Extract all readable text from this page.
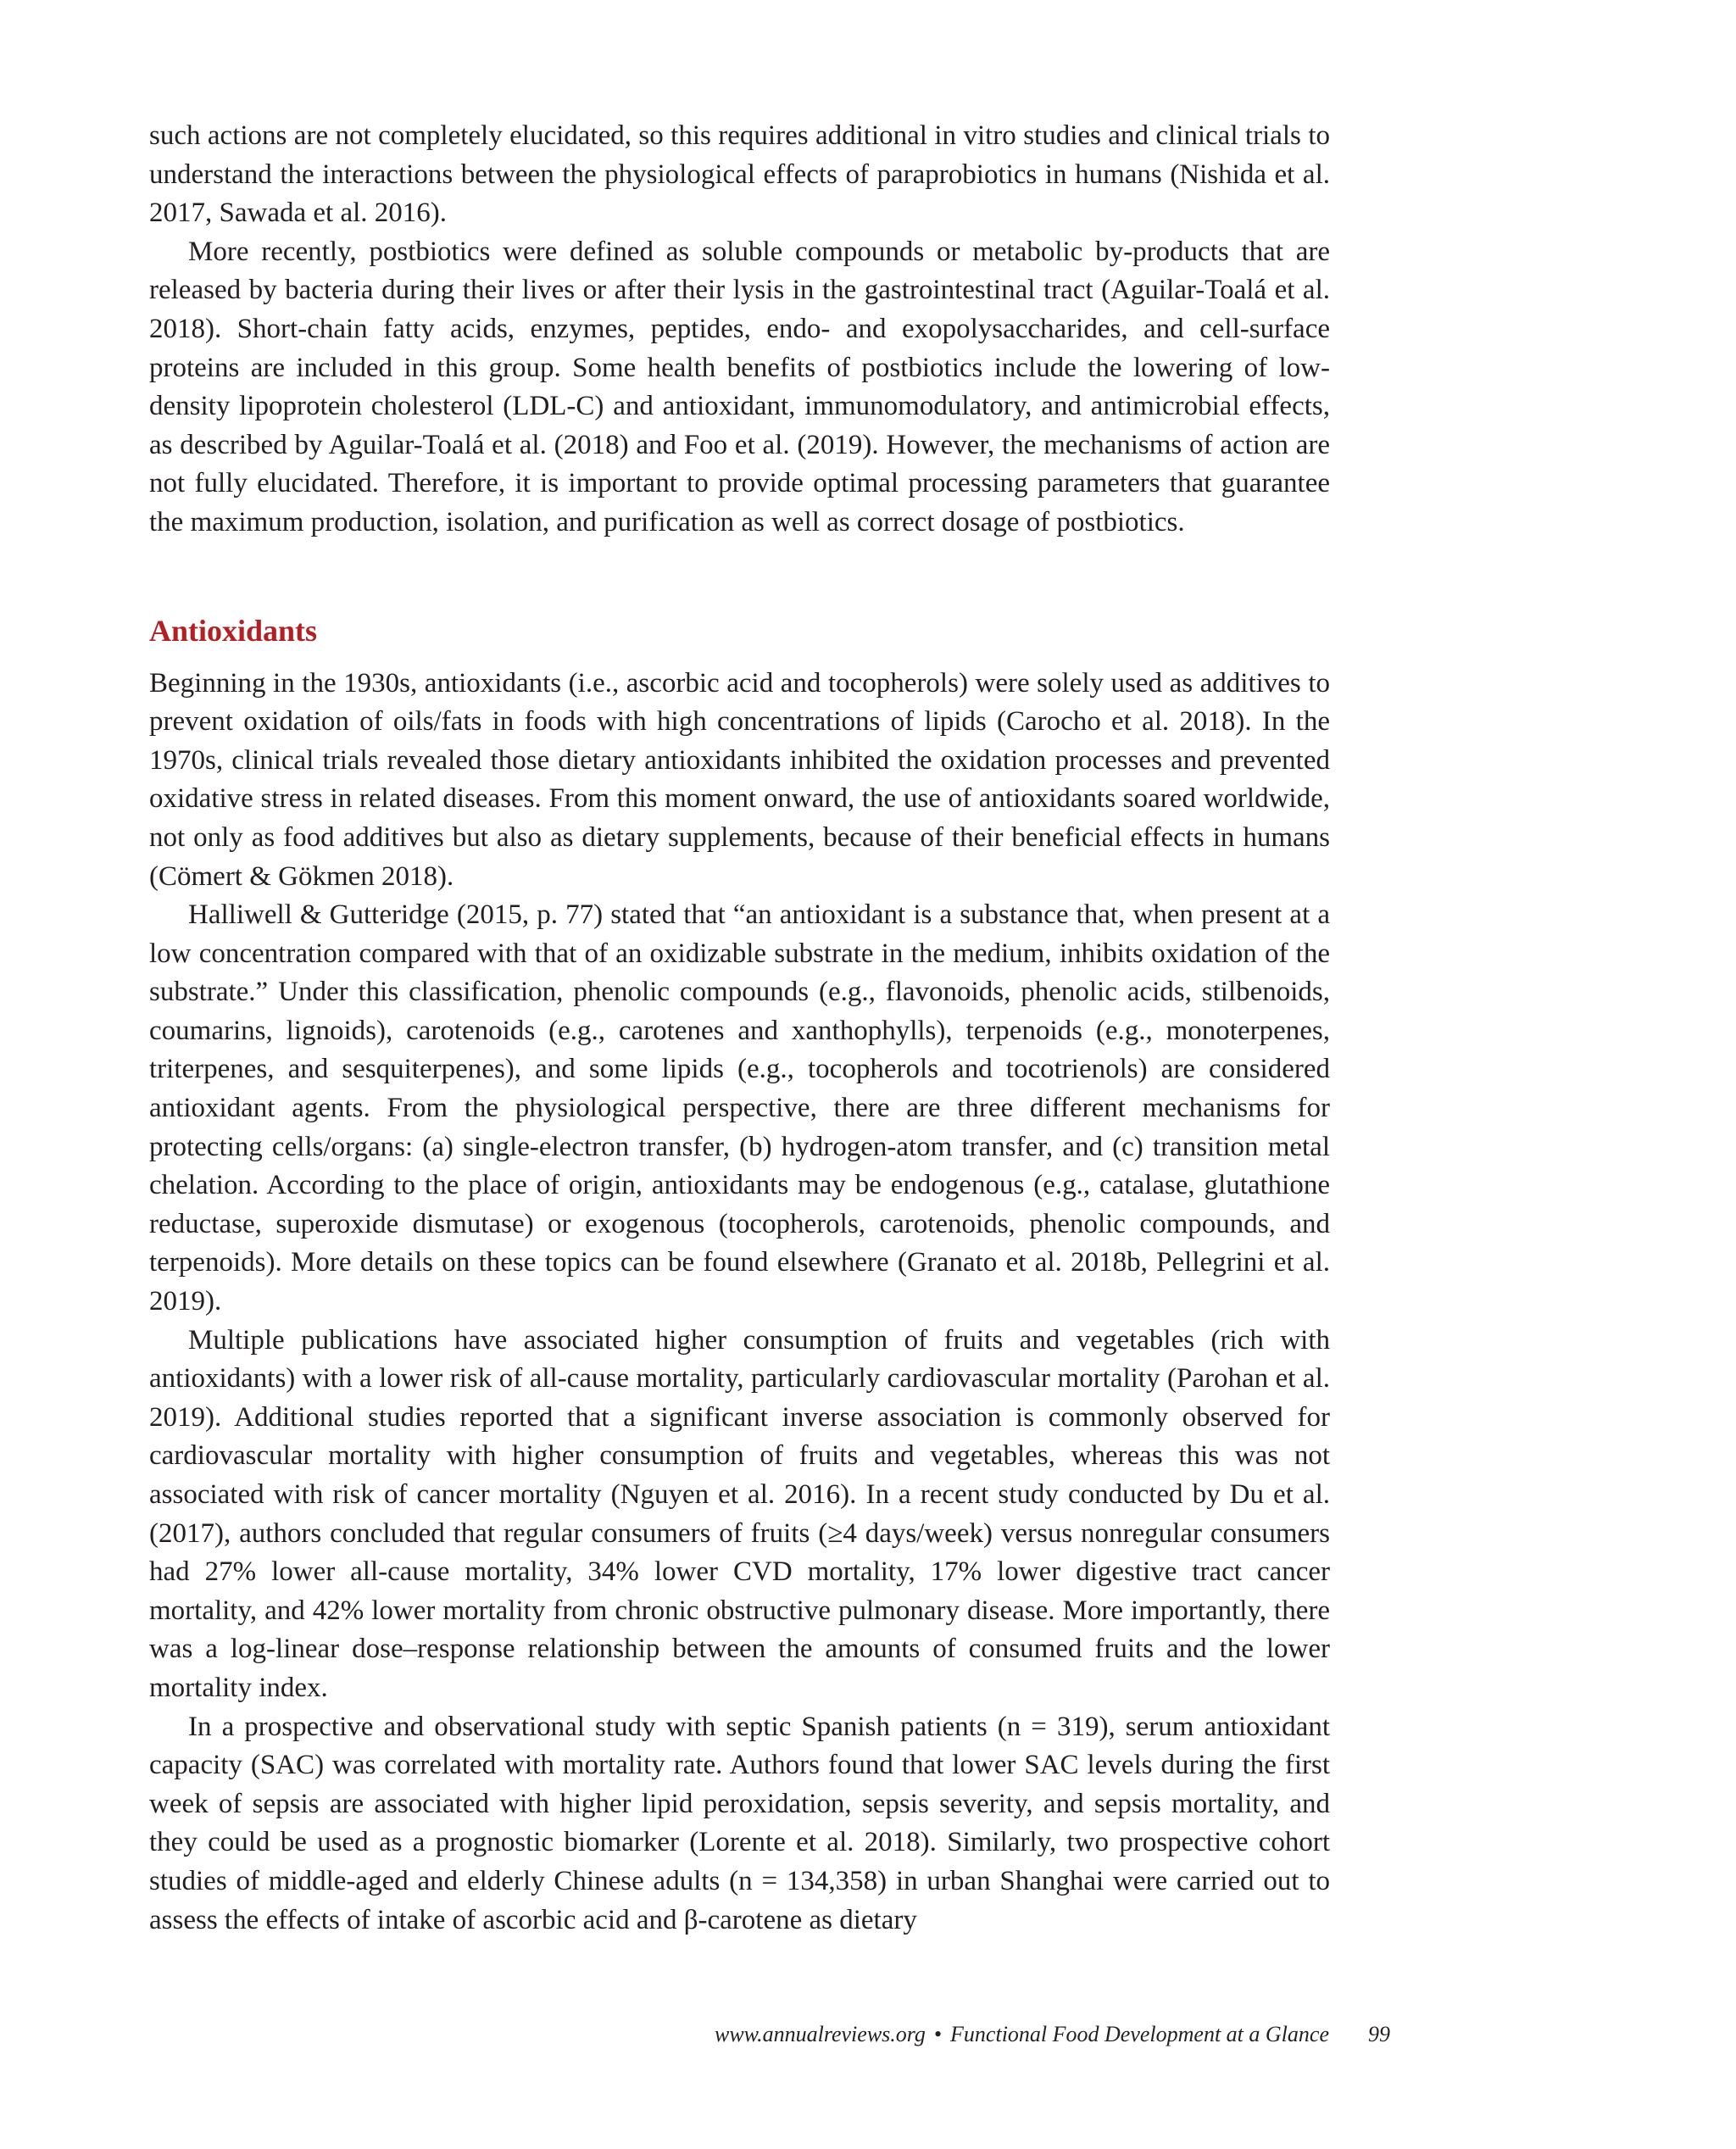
such actions are not completely elucidated, so this requires additional in vitro studies and clinical trials to understand the interactions between the physiological effects of paraprobiotics in humans (Nishida et al. 2017, Sawada et al. 2016).

More recently, postbiotics were defined as soluble compounds or metabolic by-products that are released by bacteria during their lives or after their lysis in the gastrointestinal tract (Aguilar-Toalá et al. 2018). Short-chain fatty acids, enzymes, peptides, endo- and exopolysaccharides, and cell-surface proteins are included in this group. Some health benefits of postbiotics include the lowering of low-density lipoprotein cholesterol (LDL-C) and antioxidant, immunomodulatory, and antimicrobial effects, as described by Aguilar-Toalá et al. (2018) and Foo et al. (2019). However, the mechanisms of action are not fully elucidated. Therefore, it is important to provide optimal processing parameters that guarantee the maximum production, isolation, and purification as well as correct dosage of postbiotics.

Antioxidants

Beginning in the 1930s, antioxidants (i.e., ascorbic acid and tocopherols) were solely used as additives to prevent oxidation of oils/fats in foods with high concentrations of lipids (Carocho et al. 2018). In the 1970s, clinical trials revealed those dietary antioxidants inhibited the oxidation processes and prevented oxidative stress in related diseases. From this moment onward, the use of antioxidants soared worldwide, not only as food additives but also as dietary supplements, because of their beneficial effects in humans (Cömert & Gökmen 2018).

Halliwell & Gutteridge (2015, p. 77) stated that “an antioxidant is a substance that, when present at a low concentration compared with that of an oxidizable substrate in the medium, inhibits oxidation of the substrate.” Under this classification, phenolic compounds (e.g., flavonoids, phenolic acids, stilbenoids, coumarins, lignoids), carotenoids (e.g., carotenes and xanthophylls), terpenoids (e.g., monoterpenes, triterpenes, and sesquiterpenes), and some lipids (e.g., tocopherols and tocotrienols) are considered antioxidant agents. From the physiological perspective, there are three different mechanisms for protecting cells/organs: (a) single-electron transfer, (b) hydrogen-atom transfer, and (c) transition metal chelation. According to the place of origin, antioxidants may be endogenous (e.g., catalase, glutathione reductase, superoxide dismutase) or exogenous (tocopherols, carotenoids, phenolic compounds, and terpenoids). More details on these topics can be found elsewhere (Granato et al. 2018b, Pellegrini et al. 2019).

Multiple publications have associated higher consumption of fruits and vegetables (rich with antioxidants) with a lower risk of all-cause mortality, particularly cardiovascular mortality (Parohan et al. 2019). Additional studies reported that a significant inverse association is commonly observed for cardiovascular mortality with higher consumption of fruits and vegetables, whereas this was not associated with risk of cancer mortality (Nguyen et al. 2016). In a recent study conducted by Du et al. (2017), authors concluded that regular consumers of fruits (≥4 days/week) versus nonregular consumers had 27% lower all-cause mortality, 34% lower CVD mortality, 17% lower digestive tract cancer mortality, and 42% lower mortality from chronic obstructive pulmonary disease. More importantly, there was a log-linear dose–response relationship between the amounts of consumed fruits and the lower mortality index.

In a prospective and observational study with septic Spanish patients (n = 319), serum antioxidant capacity (SAC) was correlated with mortality rate. Authors found that lower SAC levels during the first week of sepsis are associated with higher lipid peroxidation, sepsis severity, and sepsis mortality, and they could be used as a prognostic biomarker (Lorente et al. 2018). Similarly, two prospective cohort studies of middle-aged and elderly Chinese adults (n = 134,358) in urban Shanghai were carried out to assess the effects of intake of ascorbic acid and β-carotene as dietary

www.annualreviews.org • Functional Food Development at a Glance 99
